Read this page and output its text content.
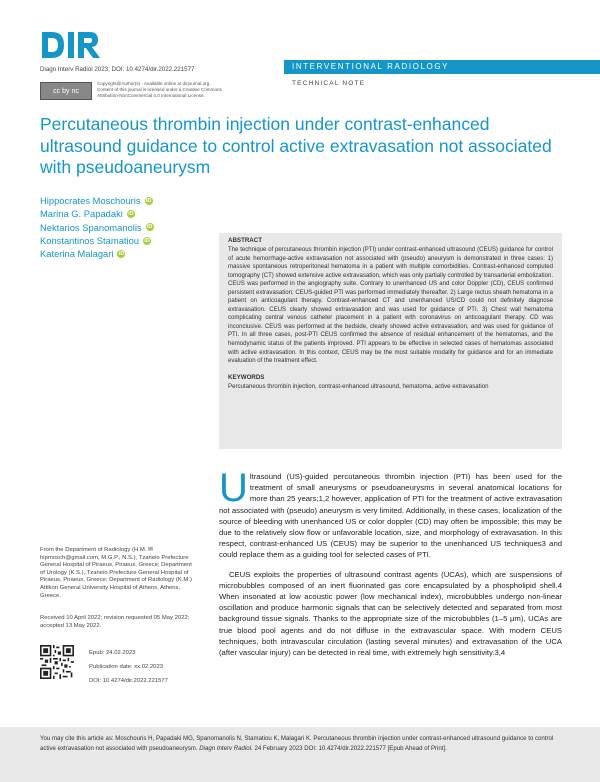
Diagn Interv Radiol 2023; DOI: 10.4274/dir.2022.221577	INTERVENTIONAL RADIOLOGY
TECHNICAL NOTE
cc by nc
Copyright@Author(s) - Available online at dirjournal.org.
Content of this journal is licensed under a Creative Commons
Attribution-NonCommercial 4.0 International License.
Percutaneous thrombin injection under contrast-enhanced ultrasound guidance to control active extravasation not associated with pseudoaneurysm
Hippocrates Moschouris iD
Marina G. Papadaki iD
Nektarios Spanomanolis iD
Konstantinos Stamatiou iD
Katerina Malagari iD
ABSTRACT
The technique of percutaneous thrombin injection (PTI) under contrast-enhanced ultrasound (CEUS) guidance for control of acute hemorrhage-active extravasation not associated with (pseudo) aneurysm is demonstrated in three cases: 1) massive spontaneous retroperitoneal hematoma in a patient with multiple comorbidities. Contrast-enhanced computed tomography (CT) showed extensive active extravasation, which was only partially controlled by transarterial embolization. CEUS was performed in the angiography suite. Contrary to unenhanced US and color Doppler (CD), CEUS confirmed persistent extravasation; CEUS-guided PTI was performed immediately thereafter. 2) Large rectus sheath hematoma in a patient on anticoagulant therapy. Contrast-enhanced CT and unenhanced US/CD could not definitely diagnose extravasation. CEUS clearly showed extravasation and was used for guidance of PTI. 3) Chest wall hematoma complicating central venous catheter placement in a patient with coronavirus on anticoagulant therapy. CD was inconclusive. CEUS was performed at the bedside, clearly showed active extravasation, and was used for guidance of PTI. In all three cases, post-PTI CEUS confirmed the absence of residual enhancement of the hematomas, and the hemodynamic status of the patients improved. PTI appears to be effective in selected cases of hematomas associated with active extravasation. In this context, CEUS may be the most suitable modality for guidance and for an immediate evaluation of the treatment effect.
KEYWORDS
Percutaneous thrombin injection, contrast-enhanced ultrasound, hematoma, active extravasation

Ultrasound (US)-guided percutaneous thrombin injection (PTI) has been used for the treatment of small aneurysms or pseudoaneurysms in several anatomical locations for more than 25 years;1,2 however, application of PTI for the treatment of active extravasation not associated with (pseudo) aneurysm is very limited. Additionally, in these cases, localization of the source of bleeding with unenhanced US or color doppler (CD) may often be impossible; this may be due to the relatively slow flow or unfavorable location, size, and morphology of extravasation. In this respect, contrast-enhanced US (CEUS) may be superior to the unenhanced US techniques3 and could replace them as a guiding tool for selected cases of PTI.

CEUS exploits the properties of ultrasound contrast agents (UCAs), which are suspensions of microbubbles composed of an inert fluorinated gas core encapsulated by a phospholipid shell.4 When insonated at low acoustic power (low mechanical index), microbubbles undergo non-linear oscillation and produce harmonic signals that can be selectively detected and separated from most background tissue signals. Thanks to the appropriate size of the microbubbles (1–5 μm), UCAs are true blood pool agents and do not diffuse in the extravascular space. With modern CEUS techniques, both intravascular circulation (lasting several minutes) and extravasation of the UCA (after vascular injury) can be detected in real time, with extremely high sensitivity.3,4

From the Department of Radiology (H.M. ✉ hipmosch@gmail.com, M.G.P., N.S.), Tzaneio Prefecture General Hospital of Piraeus, Piraeus, Greece; Department of Urology (K.S.), Tzaneio Prefecture General Hospital of Piraeus, Piraeus, Greece; Department of Radiology (K.M.) Attikon General University Hospital of Athens, Athens, Greece.
Received 10 April 2022; revision requested 05 May 2022; accepted 13 May 2022.
Epub: 24.02.2023
Publication date: xx.02.2023
DOI: 10.4274/dir.2022.221577
You may cite this article as: Moschouris H, Papadaki MG, Spanomanolis N, Stamatiou K, Malagari K. Percutaneous thrombin injection under contrast-enhanced ultrasound guidance to control active extravasation not associated with pseudoaneurysm. Diagn Interv Radiol. 24 February 2023 DOI: 10.4274/dir.2022.221577 [Epub Ahead of Print].
